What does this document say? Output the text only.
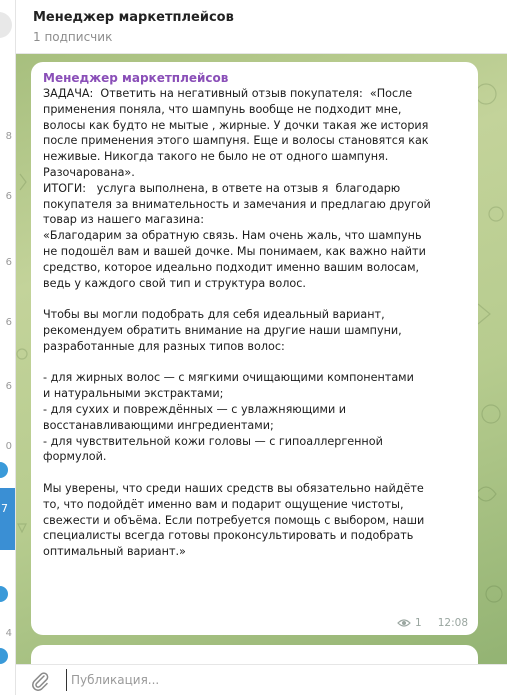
8
6
6
6
6
0
7
4
Менеджер маркетплейсов
1 подписчик
Менеджер маркетплейсов
ЗАДАЧА:  Ответить на негативный отзыв покупателя:  «После
применения поняла, что шампунь вообще не подходит мне,
волосы как будто не мытые , жирные. У дочки такая же история
после применения этого шампуня. Еще и волосы становятся как
неживые. Никогда такого не было не от одного шампуня.
Разочарована».
ИТОГИ:   услуга выполнена, в ответе на отзыв я  благодарю
покупателя за внимательность и замечания и предлагаю другой
товар из нашего магазина:
«Благодарим за обратную связь. Нам очень жаль, что шампунь
не подошёл вам и вашей дочке. Мы понимаем, как важно найти
средство, которое идеально подходит именно вашим волосам,
ведь у каждого свой тип и структура волос.

Чтобы вы могли подобрать для себя идеальный вариант,
рекомендуем обратить внимание на другие наши шампуни,
разработанные для разных типов волос:

- для жирных волос — с мягкими очищающими компонентами
и натуральными экстрактами;
- для сухих и повреждённых — с увлажняющими и
восстанавливающими ингредиентами;
- для чувствительной кожи головы — с гипоаллергенной
формулой.

Мы уверены, что среди наших средств вы обязательно найдёте
то, что подойдёт именно вам и подарит ощущение чистоты,
свежести и объёма. Если потребуется помощь с выбором, наши
специалисты всегда готовы проконсультировать и подобрать
оптимальный вариант.»
1 12:08
Публикация...
